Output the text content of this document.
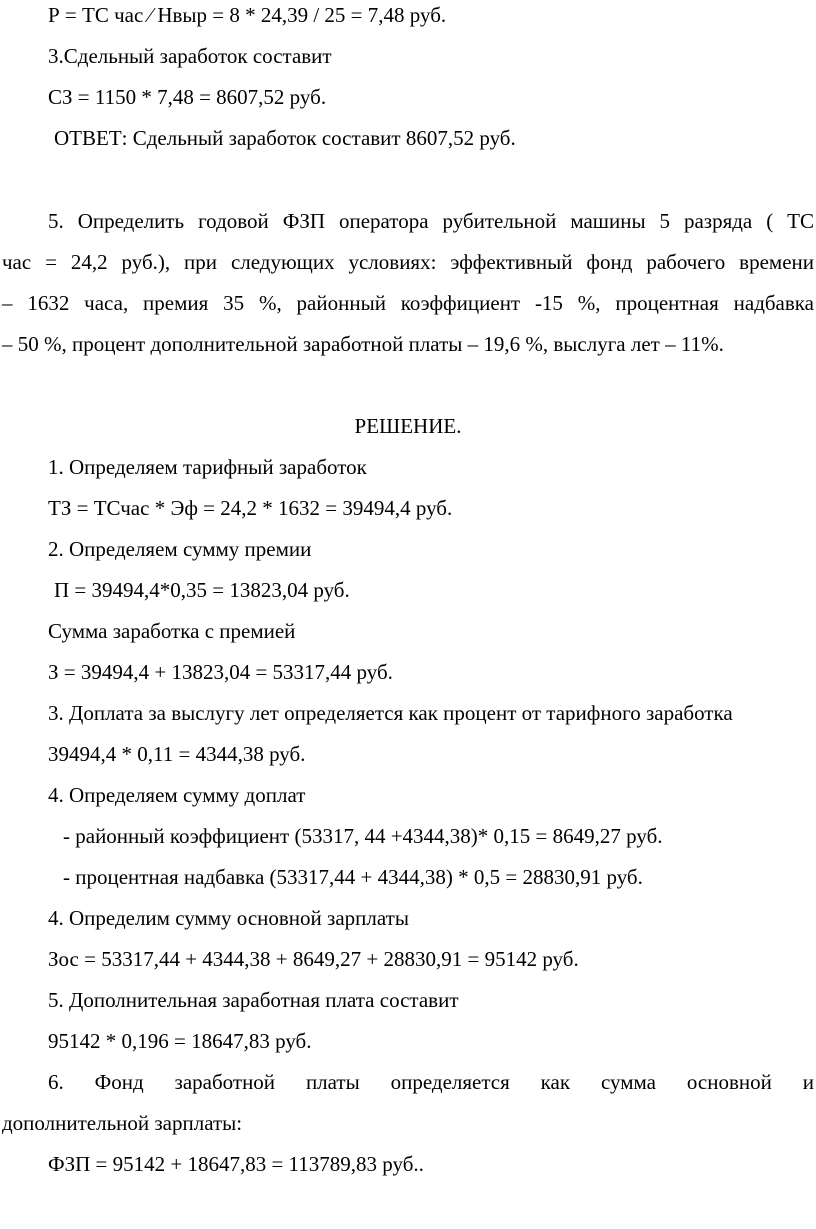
Р = ТС час ⁄ Нвыр = 8 * 24,39 / 25 = 7,48 руб.
3.Сдельный заработок составит
СЗ = 1150 * 7,48 = 8607,52 руб.
ОТВЕТ: Сдельный заработок составит 8607,52 руб.
5. Определить годовой ФЗП оператора рубительной машины 5 разряда ( ТС
час = 24,2 руб.), при следующих условиях: эффективный фонд рабочего времени
– 1632 часа, премия 35 %, районный коэффициент -15 %, процентная надбавка
– 50 %, процент дополнительной заработной платы – 19,6 %, выслуга лет – 11%.
РЕШЕНИЕ.
1. Определяем тарифный заработок
ТЗ = ТСчас * Эф = 24,2 * 1632 = 39494,4 руб.
2. Определяем сумму премии
П = 39494,4*0,35 = 13823,04 руб.
Сумма заработка с премией
З = 39494,4 + 13823,04 = 53317,44 руб.
3. Доплата за выслугу лет определяется как процент от тарифного заработка
39494,4 * 0,11 = 4344,38 руб.
4. Определяем сумму доплат
- районный коэффициент (53317, 44 +4344,38)* 0,15 = 8649,27 руб.
- процентная надбавка (53317,44 + 4344,38) * 0,5 = 28830,91 руб.
4. Определим сумму основной зарплаты
Зос = 53317,44 + 4344,38 + 8649,27 + 28830,91 = 95142 руб.
5. Дополнительная заработная плата составит
95142 * 0,196 = 18647,83 руб.
6. Фонд заработной платы определяется как сумма основной и
дополнительной зарплаты:
ФЗП = 95142 + 18647,83 = 113789,83 руб..
